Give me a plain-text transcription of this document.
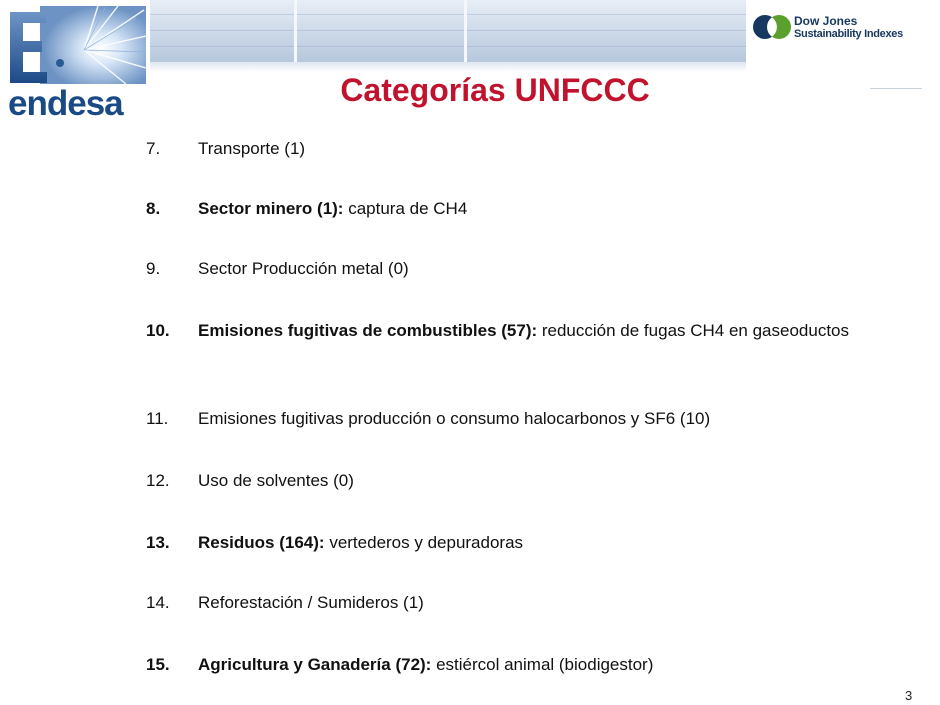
endesa
Dow Jones
Sustainability Indexes
Categorías UNFCCC
7.	Transporte (1)
8.	Sector minero (1): captura de CH4
9.	Sector Producción metal (0)
10.	Emisiones fugitivas de combustibles (57): reducción de fugas CH4 en gaseoductos
11.	Emisiones fugitivas producción o consumo halocarbonos y SF6 (10)
12.	Uso de solventes (0)
13.	Residuos (164): vertederos y depuradoras
14.	Reforestación / Sumideros (1)
15.	Agricultura y Ganadería (72): estiércol animal (biodigestor)
3
